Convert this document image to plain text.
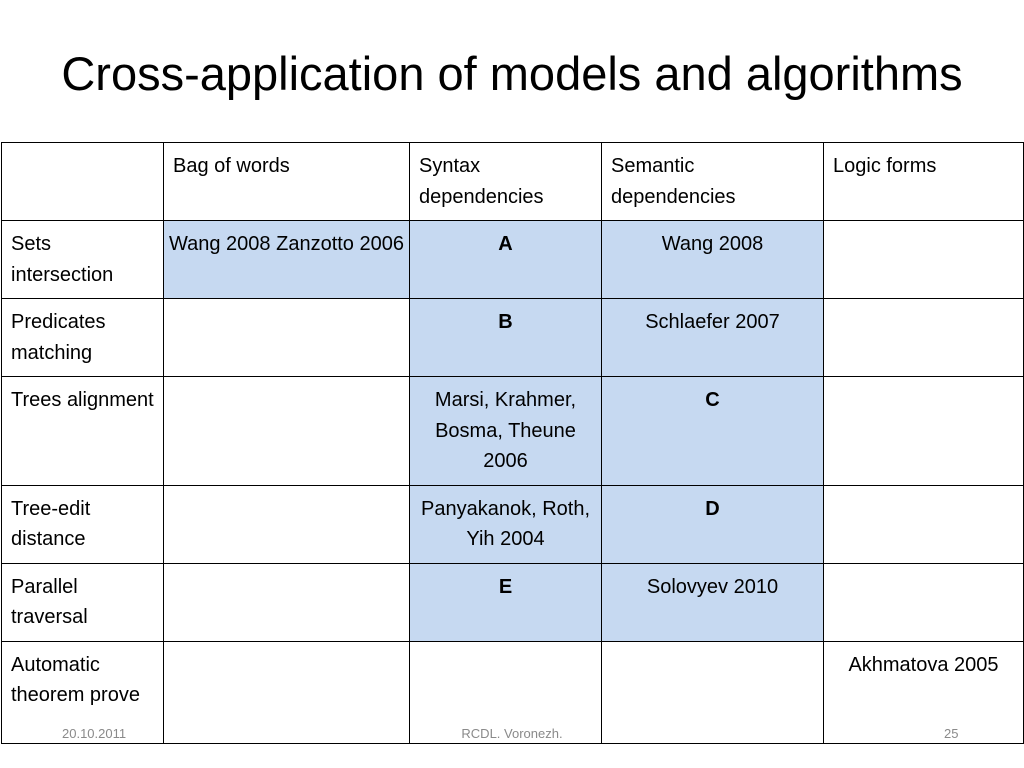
Cross-application of models and algorithms
	Bag of words	Syntax dependencies	Semantic dependencies	Logic forms
Sets intersection	Wang 2008 Zanzotto 2006	A	Wang 2008	
Predicates matching		B	Schlaefer 2007	
Trees alignment		Marsi, Krahmer, Bosma, Theune 2006	C	
Tree-edit distance		Panyakanok, Roth, Yih 2004	D	
Parallel traversal		E	Solovyev 2010	
Automatic theorem prove				Akhmatova 2005
20.10.2011	RCDL. Voronezh.	25
